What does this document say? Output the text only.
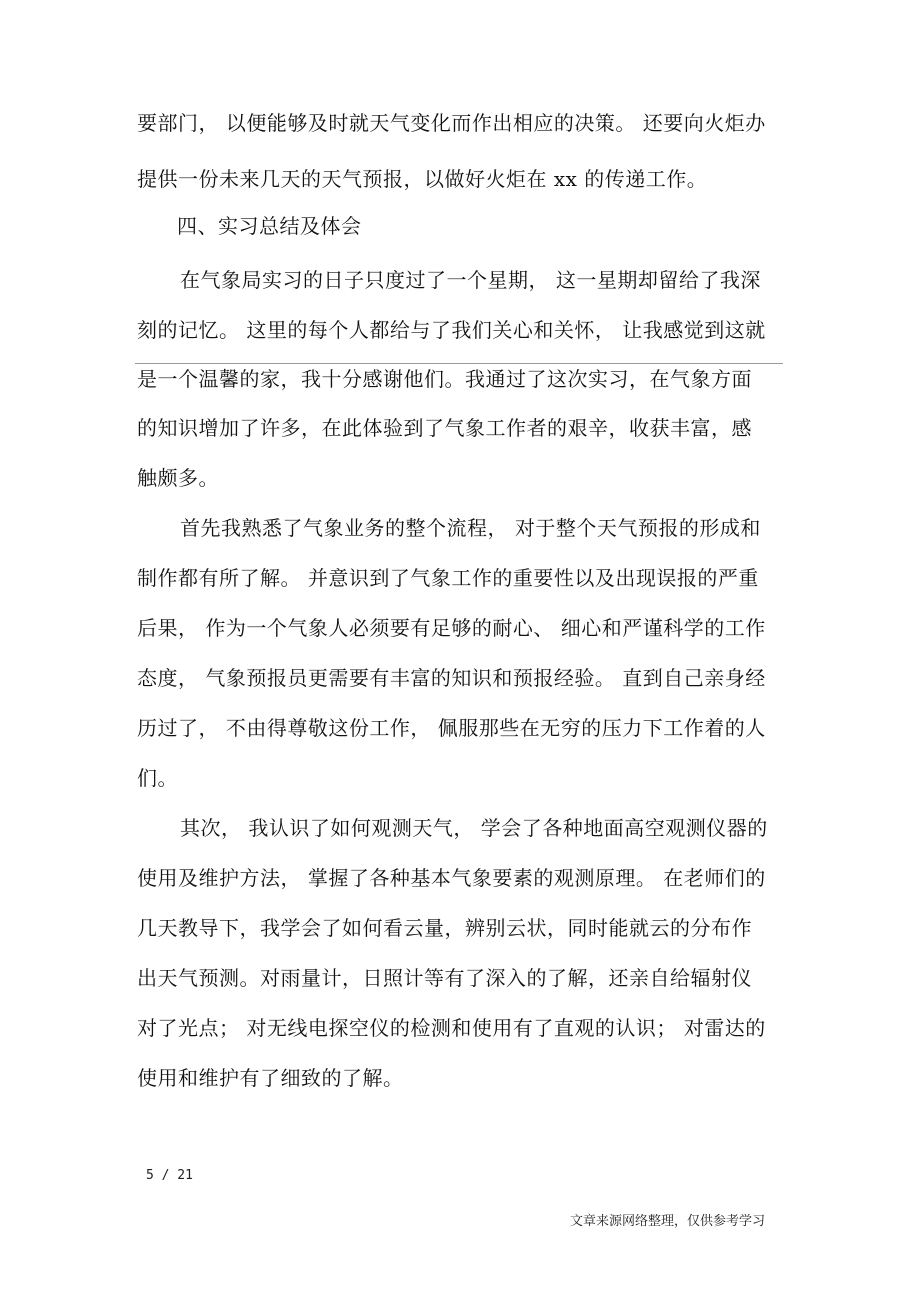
要部门， 以便能够及时就天气变化而作出相应的决策。 还要向火炬办
提供一份未来几天的天气预报，以做好火炬在 xx 的传递工作。
四、实习总结及体会
在气象局实习的日子只度过了一个星期， 这一星期却留给了我深
刻的记忆。 这里的每个人都给与了我们关心和关怀， 让我感觉到这就
是一个温馨的家，我十分感谢他们。我通过了这次实习，在气象方面
的知识增加了许多，在此体验到了气象工作者的艰辛，收获丰富，感
触颇多。
首先我熟悉了气象业务的整个流程， 对于整个天气预报的形成和
制作都有所了解。 并意识到了气象工作的重要性以及出现误报的严重
后果， 作为一个气象人必须要有足够的耐心、 细心和严谨科学的工作
态度， 气象预报员更需要有丰富的知识和预报经验。 直到自己亲身经
历过了， 不由得尊敬这份工作， 佩服那些在无穷的压力下工作着的人
们。
其次， 我认识了如何观测天气， 学会了各种地面高空观测仪器的
使用及维护方法， 掌握了各种基本气象要素的观测原理。 在老师们的
几天教导下，我学会了如何看云量，辨别云状，同时能就云的分布作
出天气预测。对雨量计，日照计等有了深入的了解，还亲自给辐射仪
对了光点； 对无线电探空仪的检测和使用有了直观的认识； 对雷达的
使用和维护有了细致的了解。
5 / 21
文章来源网络整理，仅供参考学习
